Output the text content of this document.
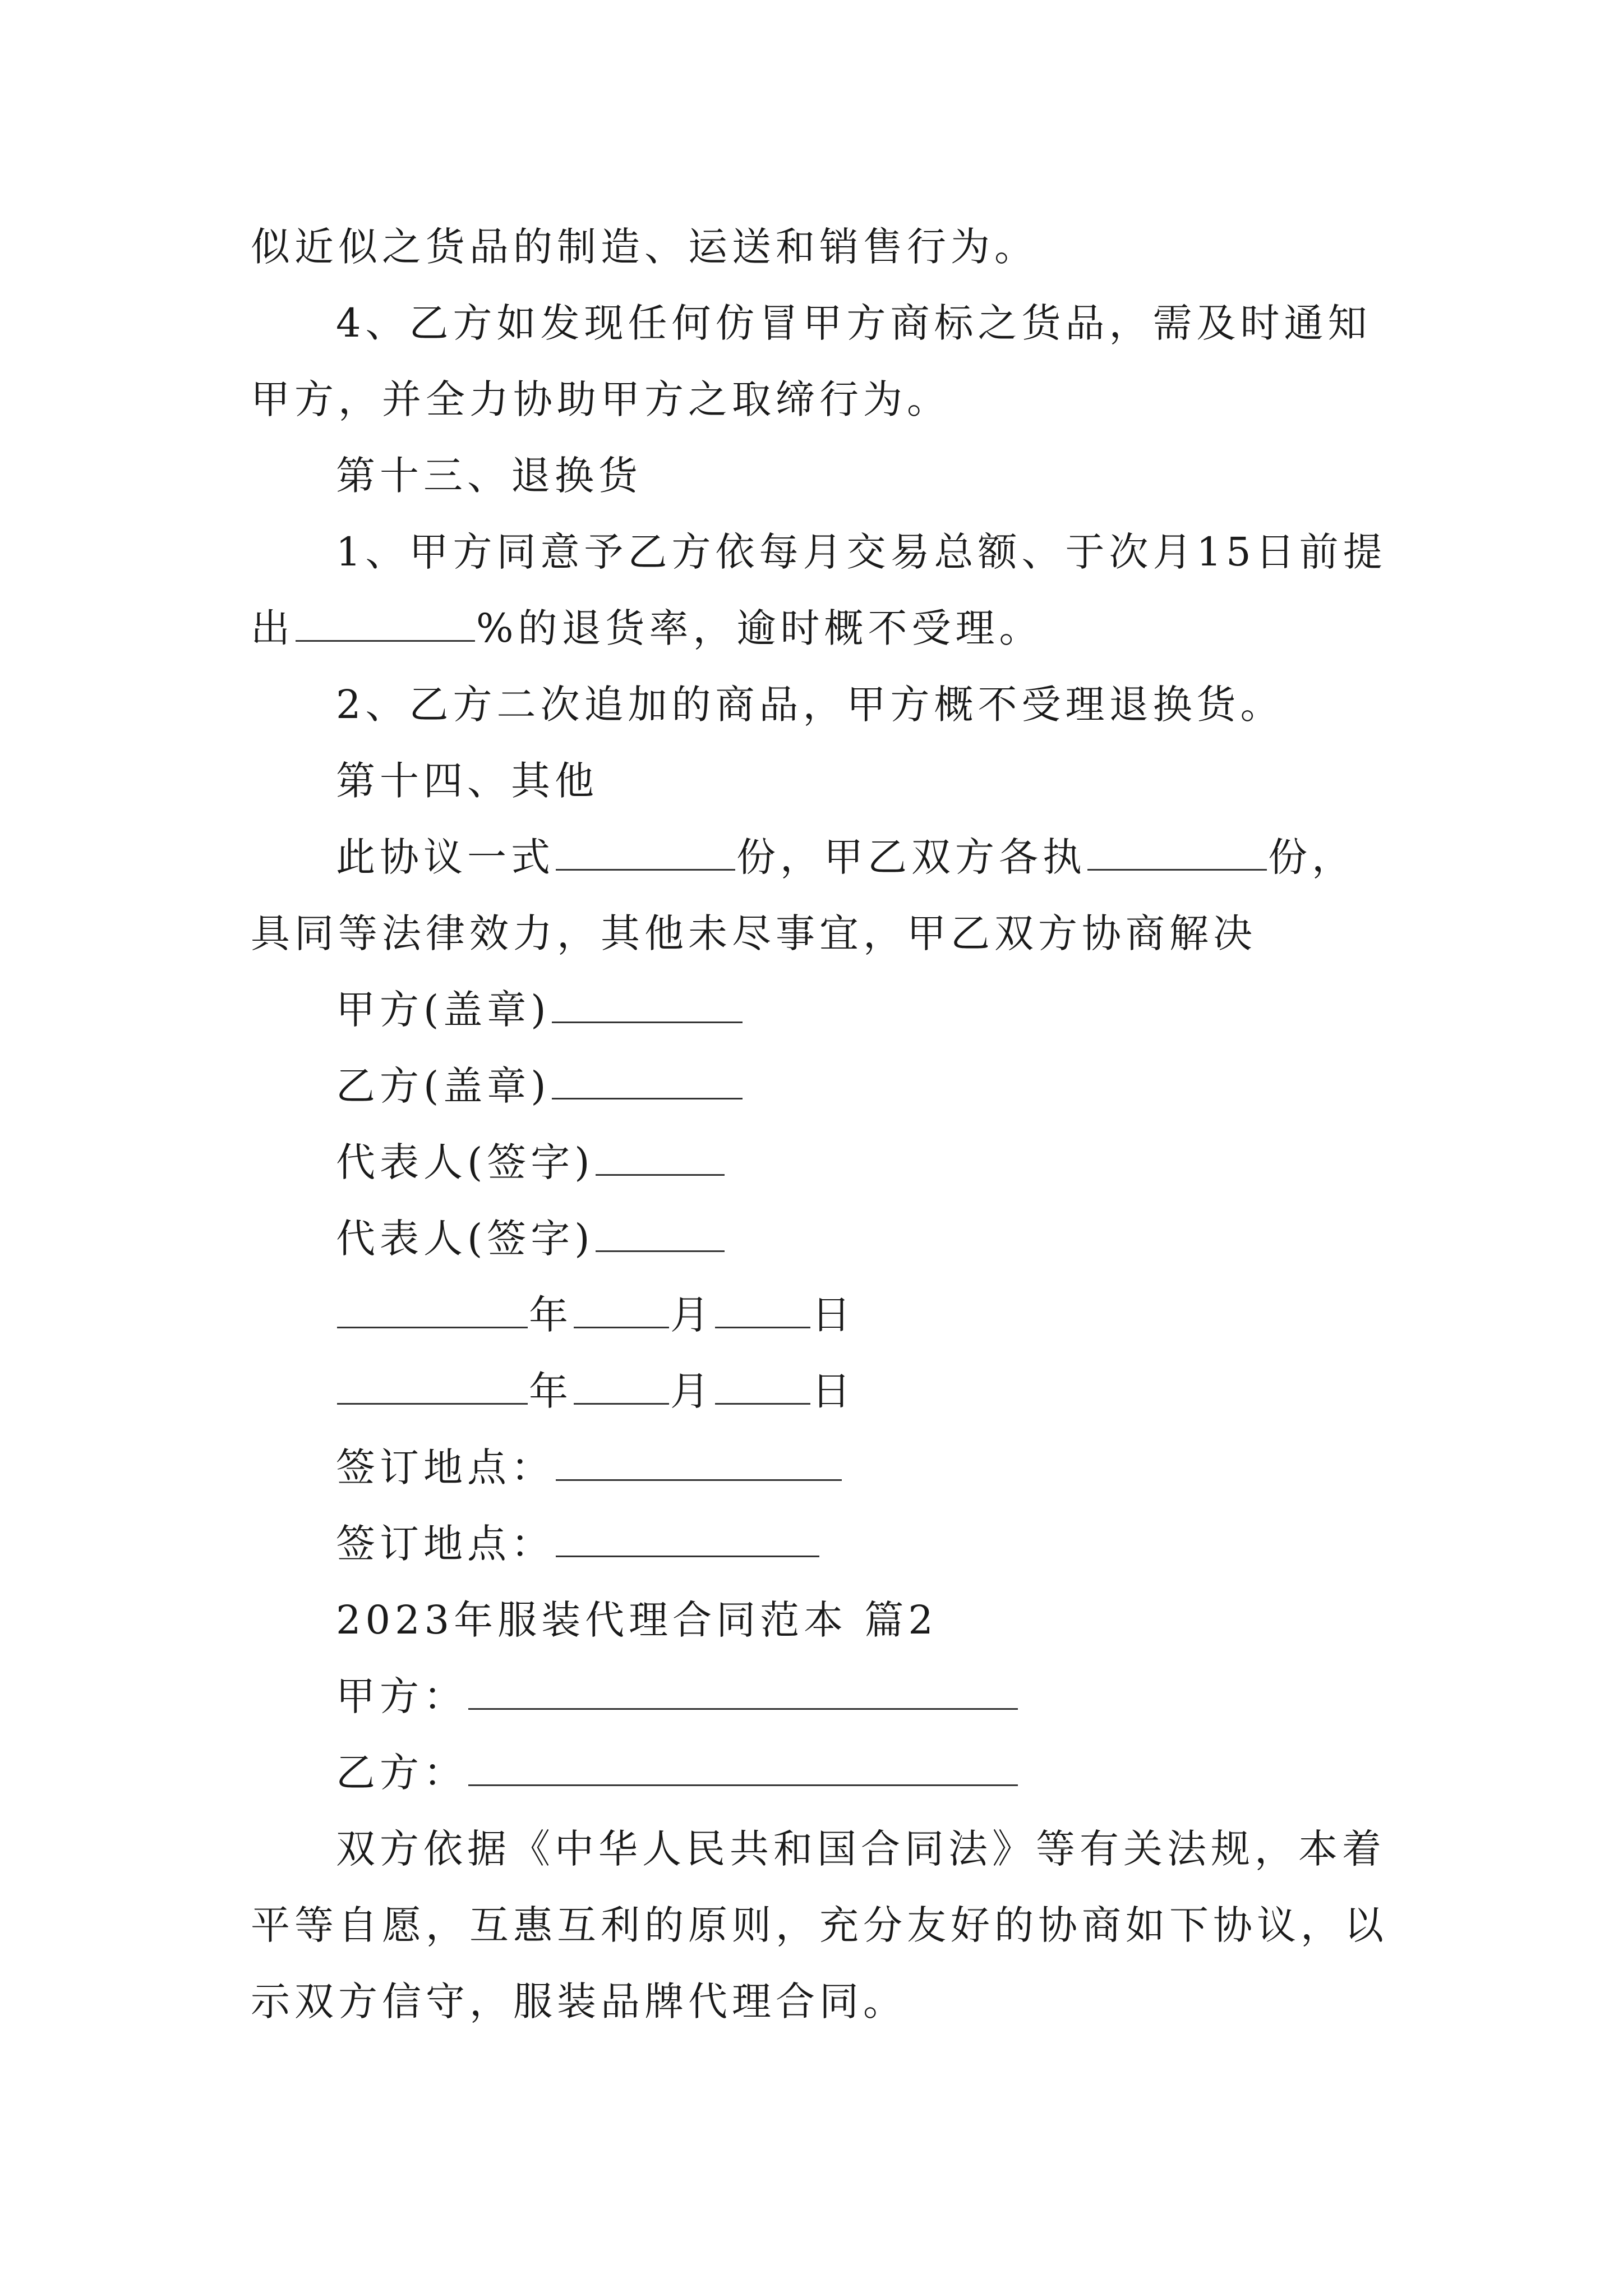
似近似之货品的制造、运送和销售行为。
4、乙方如发现任何仿冒甲方商标之货品，需及时通知
甲方，并全力协助甲方之取缔行为。
第十三、退换货
1、甲方同意予乙方依每月交易总额、于次月15日前提
出	%的退货率，逾时概不受理。
2、乙方二次追加的商品，甲方概不受理退换货。
第十四、其他
此协议一式	份，甲乙双方各执	份，
具同等法律效力，其他未尽事宜，甲乙双方协商解决
甲方(盖章)
乙方(盖章)
代表人(签字)
代表人(签字)
年 月 日
年 月 日
签订地点：
签订地点：
2023年服装代理合同范本 篇2
甲方：
乙方：
双方依据《中华人民共和国合同法》等有关法规，本着
平等自愿，互惠互利的原则，充分友好的协商如下协议，以
示双方信守，服装品牌代理合同。
